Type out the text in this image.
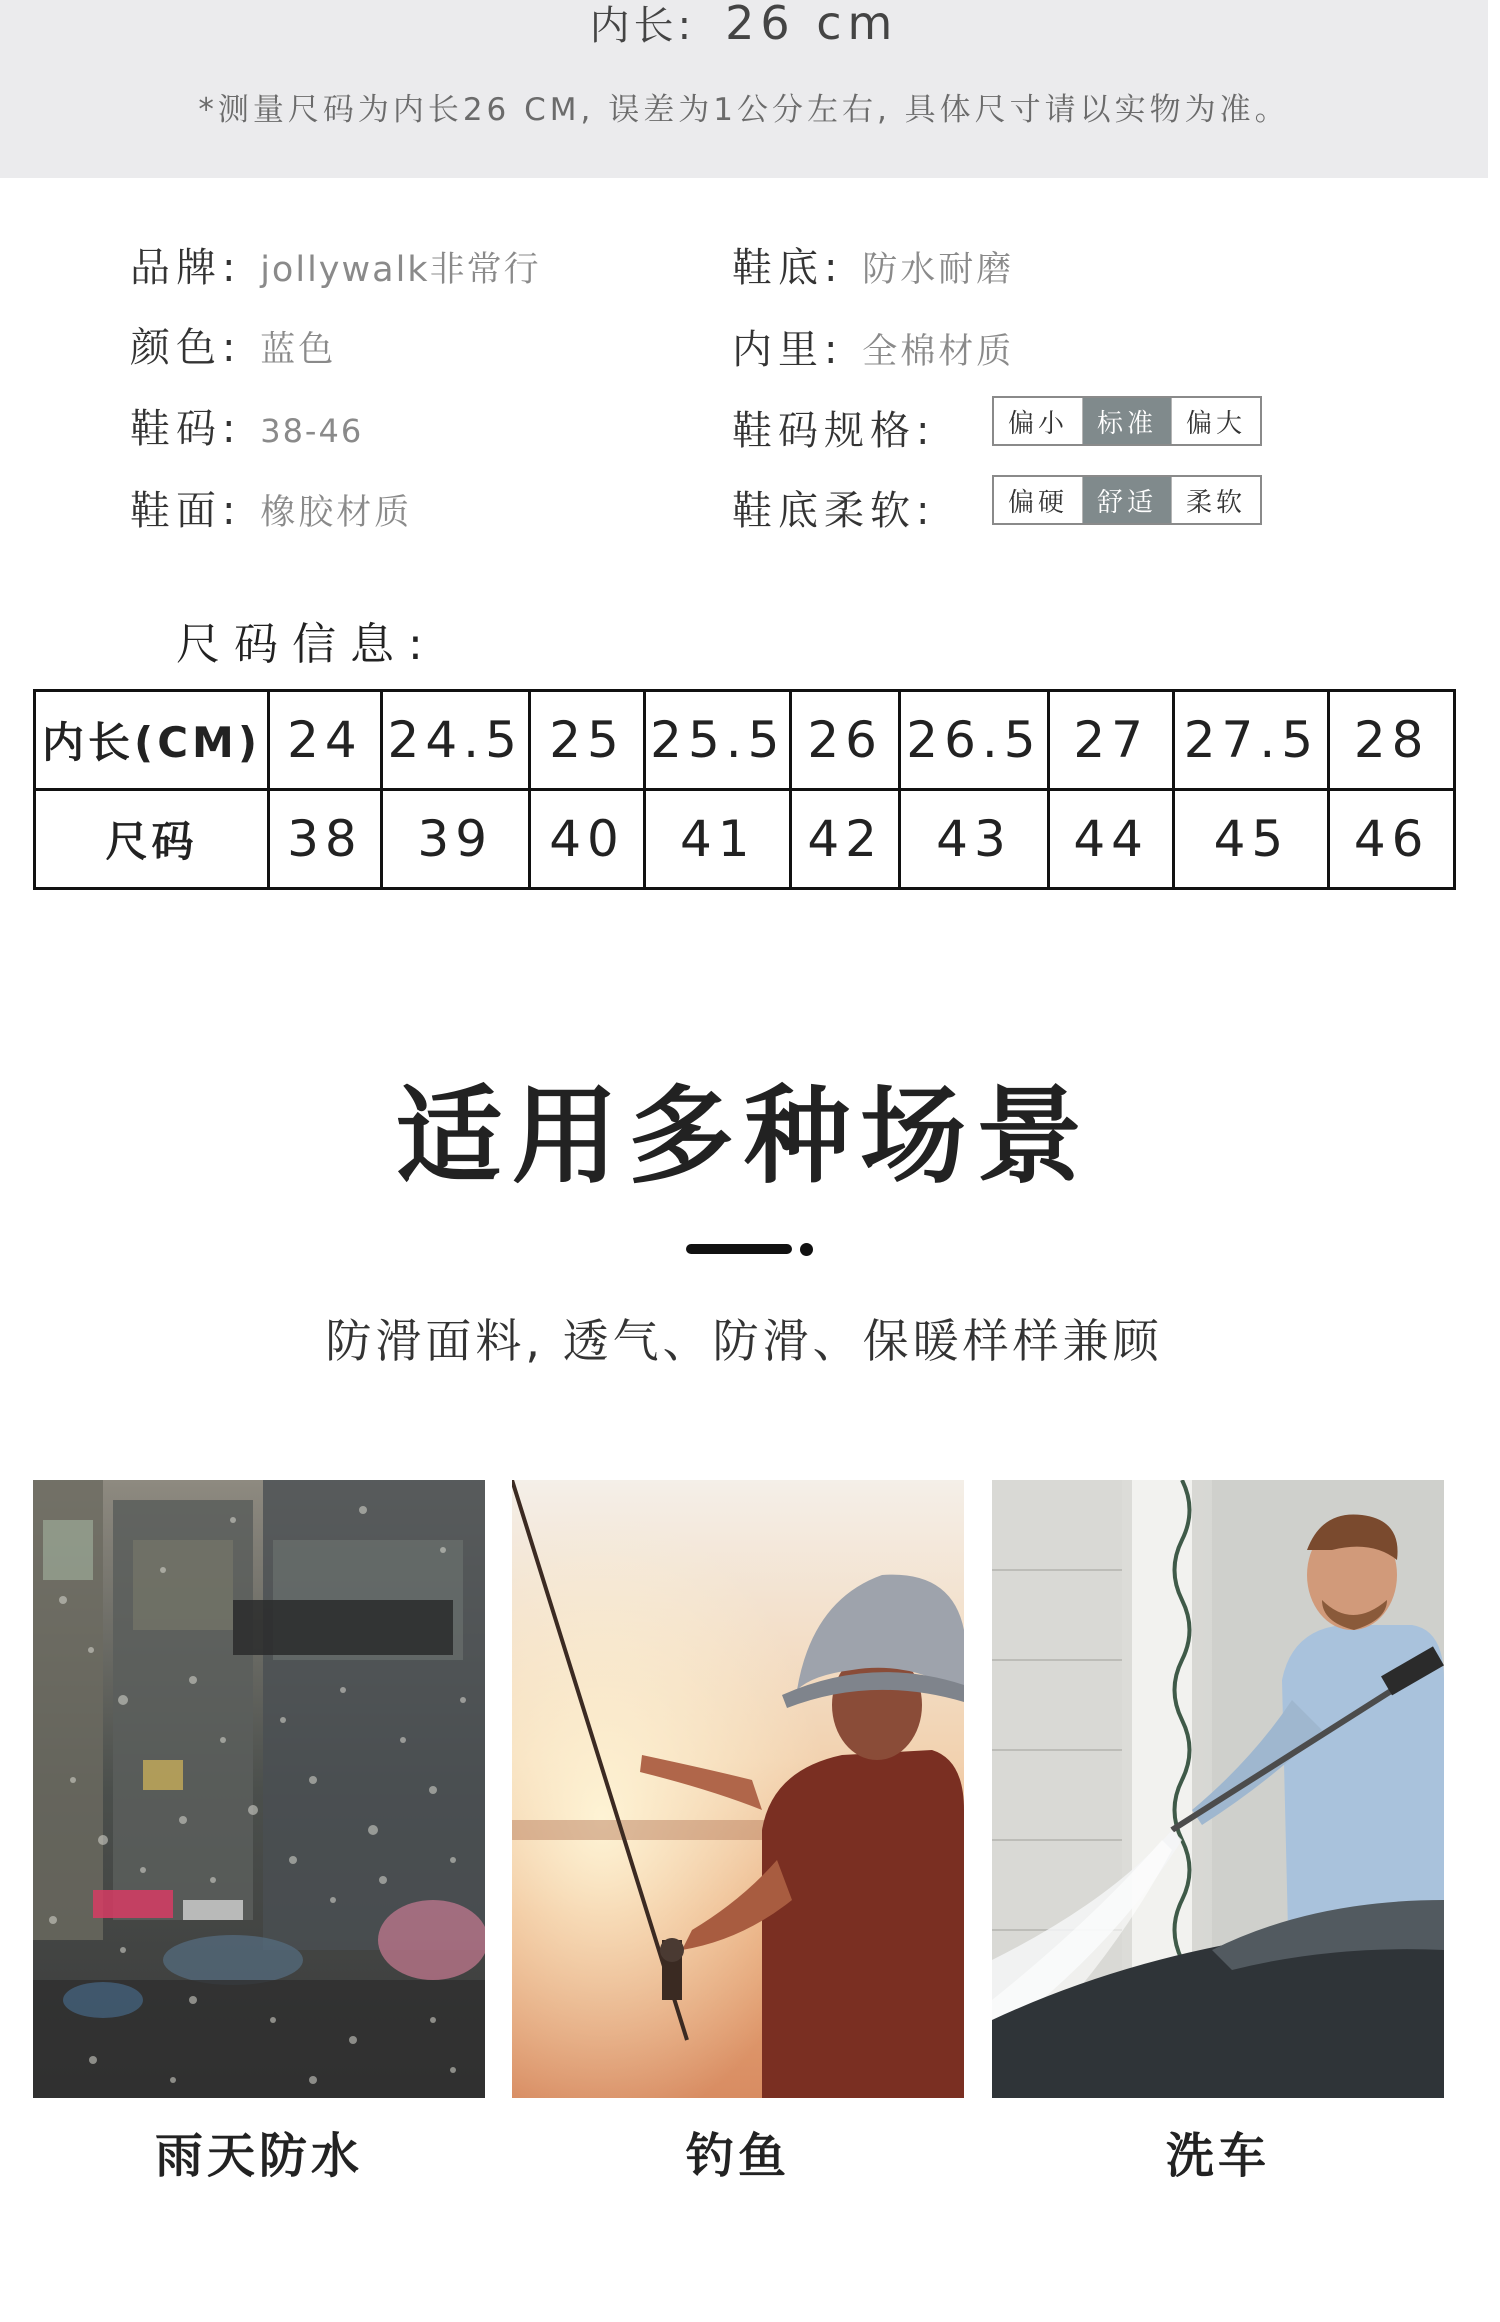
内长: 26 cm
*测量尺码为内长26 CM, 误差为1公分左右, 具体尺寸请以实物为准。
品牌: jollywalk非常行
颜色: 蓝色
鞋码: 38-46
鞋面: 橡胶材质
鞋底: 防水耐磨
内里: 全棉材质
鞋码规格:	偏小	标准	偏大
鞋底柔软:	偏硬	舒适	柔软
尺码信息:
内长(CM)	24	24.5	25	25.5	26	26.5	27	27.5	28
尺码	38	39	40	41	42	43	44	45	46
适用多种场景
防滑面料, 透气、防滑、保暖样样兼顾
雨天防水	钓鱼	洗车
